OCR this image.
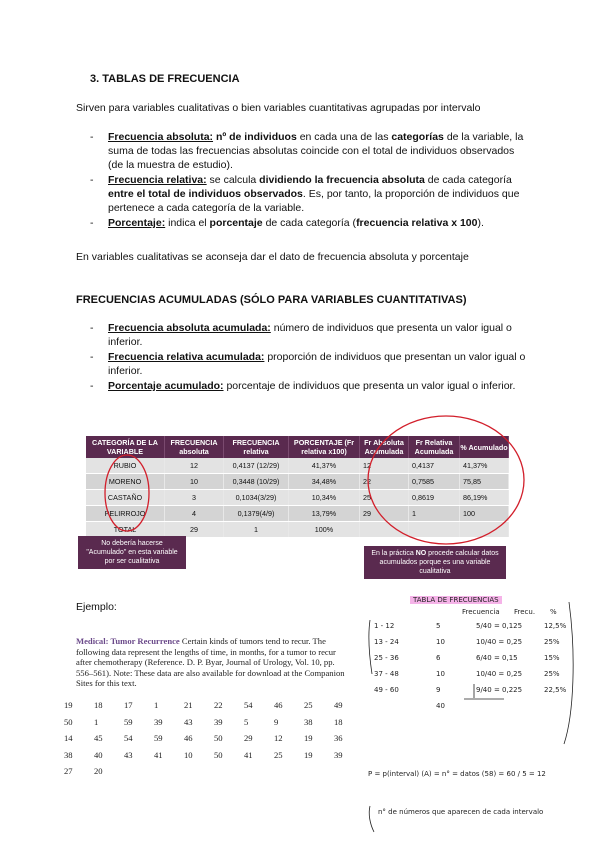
3. TABLAS DE FRECUENCIA
Sirven para variables cualitativas o bien variables cuantitativas agrupadas por intervalo
- Frecuencia absoluta: nº de individuos en cada una de las categorías de la variable, la suma de todas las frecuencias absolutas coincide con el total de individuos observados (de la muestra de estudio).
- Frecuencia relativa: se calcula dividiendo la frecuencia absoluta de cada categoría entre el total de individuos observados. Es, por tanto, la proporción de individuos que pertenece a cada categoría de la variable.
- Porcentaje: indica el porcentaje de cada categoría (frecuencia relativa x 100).
En variables cualitativas se aconseja dar el dato de frecuencia absoluta y porcentaje
FRECUENCIAS ACUMULADAS (SÓLO PARA VARIABLES CUANTITATIVAS)
- Frecuencia absoluta acumulada: número de individuos que presenta un valor igual o inferior.
- Frecuencia relativa acumulada: proporción de individuos que presentan un valor igual o inferior.
- Porcentaje acumulado: porcentaje de individuos que presenta un valor igual o inferior.
CATEGORÍA DE LA VARIABLE	FRECUENCIA absoluta	FRECUENCIA relativa	PORCENTAJE (Fr relativa x100)	Fr Absoluta Acumulada	Fr Relativa Acumulada	% Acumulado
RUBIO	12	0,4137 (12/29)	41,37%	12	0,4137	41,37%
MORENO	10	0,3448 (10/29)	34,48%	22	0,7585	75,85
CASTAÑO	3	0,1034(3/29)	10,34%	25	0,8619	86,19%
PELIRROJO	4	0,1379(4/9)	13,79%	29	1	100
TOTAL	29	1	100%			
No debería hacerse "Acumulado" en esta variable por ser cualitativa
En la práctica NO procede calcular datos acumulados porque es una variable cualitativa
Ejemplo:
Medical: Tumor Recurrence Certain kinds of tumors tend to recur. The following data represent the lengths of time, in months, for a tumor to recur after chemotherapy (Reference. D. P. Byar, Journal of Urology, Vol. 10, pp. 556–561). Note: These data are also available for download at the Companion Sites for this text.
19	18	17	1	21	22	54	46	25	49
50	1	59	39	43	39	5	9	38	18
14	45	54	59	46	50	29	12	19	36
38	40	43	41	10	50	41	25	19	39
27	20
TABLA DE FRECUENCIAS
Frecuencia Frecu. %
1 - 12	5	5/40 = 0,125	12,5%
13 - 24	10	10/40 = 0,25	25%
25 - 36	6	6/40 = 0,15	15%
37 - 48	10	10/40 = 0,25	25%
49 - 60	9	9/40 = 0,225	22,5%
40
P = p(interval) (A) = n° = datos (58) = 60 / 5 = 12
n° de números que aparecen de cada intervalo
